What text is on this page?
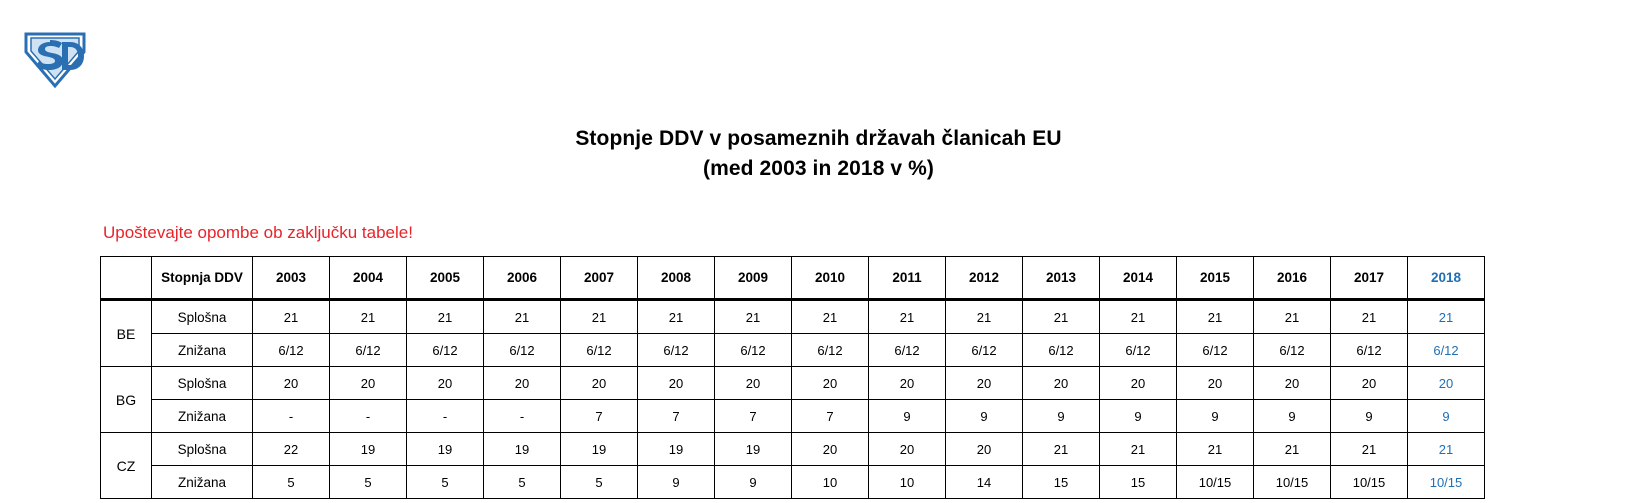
Stopnje DDV v posameznih državah članicah EU
(med 2003 in 2018 v %)
Upoštevajte opombe ob zaključku tabele!
	Stopnja DDV	2003	2004	2005	2006	2007	2008	2009	2010	2011	2012	2013	2014	2015	2016	2017	2018
BE	Splošna	21	21	21	21	21	21	21	21	21	21	21	21	21	21	21	21
	Znižana	6/12	6/12	6/12	6/12	6/12	6/12	6/12	6/12	6/12	6/12	6/12	6/12	6/12	6/12	6/12	6/12
BG	Splošna	20	20	20	20	20	20	20	20	20	20	20	20	20	20	20	20
	Znižana	-	-	-	-	7	7	7	7	9	9	9	9	9	9	9	9
CZ	Splošna	22	19	19	19	19	19	19	20	20	20	21	21	21	21	21	21
	Znižana	5	5	5	5	5	9	9	10	10	14	15	15	10/15	10/15	10/15	10/15
